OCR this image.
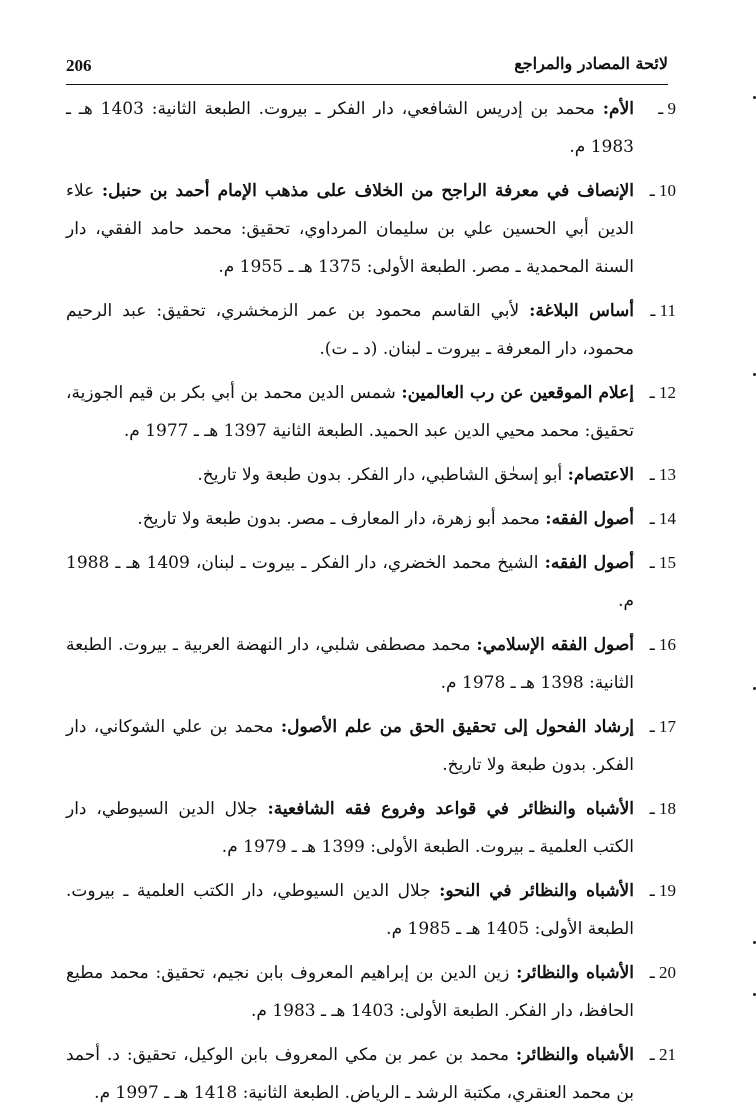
206	لائحة المصادر والمراجع
9 ـ
الأم: محمد بن إدريس الشافعي، دار الفكر ـ بيروت. الطبعة الثانية: 1403 هـ ـ 1983 م.
10 ـ
الإنصاف في معرفة الراجح من الخلاف على مذهب الإمام أحمد بن حنبل: علاء الدين أبي الحسين علي بن سليمان المرداوي، تحقيق: محمد حامد الفقي، دار السنة المحمدية ـ مصر. الطبعة الأولى: 1375 هـ ـ 1955 م.
11 ـ
أساس البلاغة: لأبي القاسم محمود بن عمر الزمخشري، تحقيق: عبد الرحيم محمود، دار المعرفة ـ بيروت ـ لبنان. (د ـ ت).
12 ـ
إعلام الموقعين عن رب العالمين: شمس الدين محمد بن أبي بكر بن قيم الجوزية، تحقيق: محمد محيي الدين عبد الحميد. الطبعة الثانية 1397 هـ ـ 1977 م.
13 ـ
الاعتصام: أبو إسحٰق الشاطبي، دار الفكر. بدون طبعة ولا تاريخ.
14 ـ
أصول الفقه: محمد أبو زهرة، دار المعارف ـ مصر. بدون طبعة ولا تاريخ.
15 ـ
أصول الفقه: الشيخ محمد الخضري، دار الفكر ـ بيروت ـ لبنان، 1409 هـ ـ 1988 م.
16 ـ
أصول الفقه الإسلامي: محمد مصطفى شلبي، دار النهضة العربية ـ بيروت. الطبعة الثانية: 1398 هـ ـ 1978 م.
17 ـ
إرشاد الفحول إلى تحقيق الحق من علم الأصول: محمد بن علي الشوكاني، دار الفكر. بدون طبعة ولا تاريخ.
18 ـ
الأشباه والنظائر في قواعد وفروع فقه الشافعية: جلال الدين السيوطي، دار الكتب العلمية ـ بيروت. الطبعة الأولى: 1399 هـ ـ 1979 م.
19 ـ
الأشباه والنظائر في النحو: جلال الدين السيوطي، دار الكتب العلمية ـ بيروت. الطبعة الأولى: 1405 هـ ـ 1985 م.
20 ـ
الأشباه والنظائر: زين الدين بن إبراهيم المعروف بابن نجيم، تحقيق: محمد مطيع الحافظ، دار الفكر. الطبعة الأولى: 1403 هـ ـ 1983 م.
21 ـ
الأشباه والنظائر: محمد بن عمر بن مكي المعروف بابن الوكيل، تحقيق: د. أحمد بن محمد العنقري، مكتبة الرشد ـ الرياض. الطبعة الثانية: 1418 هـ ـ 1997 م.
